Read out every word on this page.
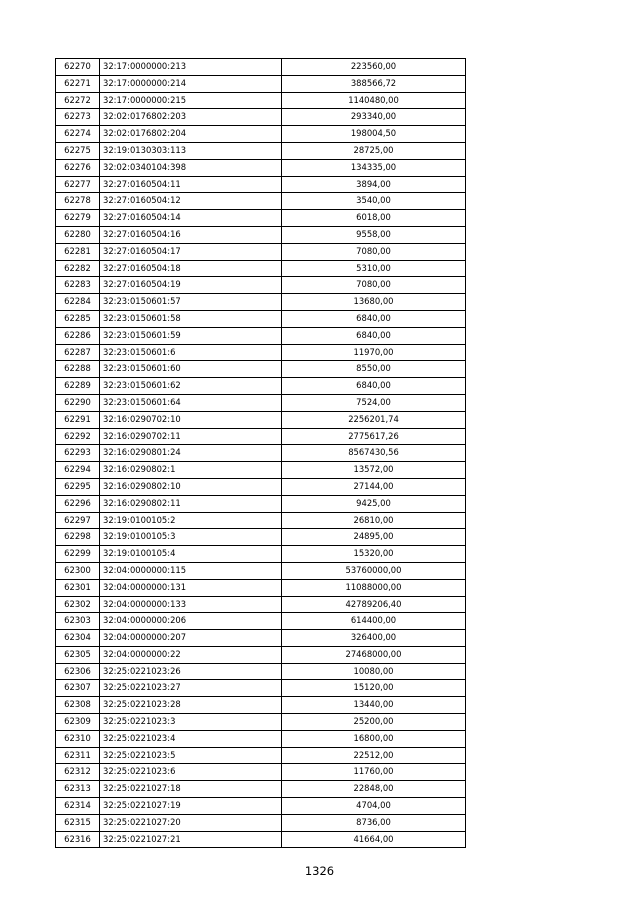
62270	32:17:0000000:213	223560,00
62271	32:17:0000000:214	388566,72
62272	32:17:0000000:215	1140480,00
62273	32:02:0176802:203	293340,00
62274	32:02:0176802:204	198004,50
62275	32:19:0130303:113	28725,00
62276	32:02:0340104:398	134335,00
62277	32:27:0160504:11	3894,00
62278	32:27:0160504:12	3540,00
62279	32:27:0160504:14	6018,00
62280	32:27:0160504:16	9558,00
62281	32:27:0160504:17	7080,00
62282	32:27:0160504:18	5310,00
62283	32:27:0160504:19	7080,00
62284	32:23:0150601:57	13680,00
62285	32:23:0150601:58	6840,00
62286	32:23:0150601:59	6840,00
62287	32:23:0150601:6	11970,00
62288	32:23:0150601:60	8550,00
62289	32:23:0150601:62	6840,00
62290	32:23:0150601:64	7524,00
62291	32:16:0290702:10	2256201,74
62292	32:16:0290702:11	2775617,26
62293	32:16:0290801:24	8567430,56
62294	32:16:0290802:1	13572,00
62295	32:16:0290802:10	27144,00
62296	32:16:0290802:11	9425,00
62297	32:19:0100105:2	26810,00
62298	32:19:0100105:3	24895,00
62299	32:19:0100105:4	15320,00
62300	32:04:0000000:115	53760000,00
62301	32:04:0000000:131	11088000,00
62302	32:04:0000000:133	42789206,40
62303	32:04:0000000:206	614400,00
62304	32:04:0000000:207	326400,00
62305	32:04:0000000:22	27468000,00
62306	32:25:0221023:26	10080,00
62307	32:25:0221023:27	15120,00
62308	32:25:0221023:28	13440,00
62309	32:25:0221023:3	25200,00
62310	32:25:0221023:4	16800,00
62311	32:25:0221023:5	22512,00
62312	32:25:0221023:6	11760,00
62313	32:25:0221027:18	22848,00
62314	32:25:0221027:19	4704,00
62315	32:25:0221027:20	8736,00
62316	32:25:0221027:21	41664,00
1326
